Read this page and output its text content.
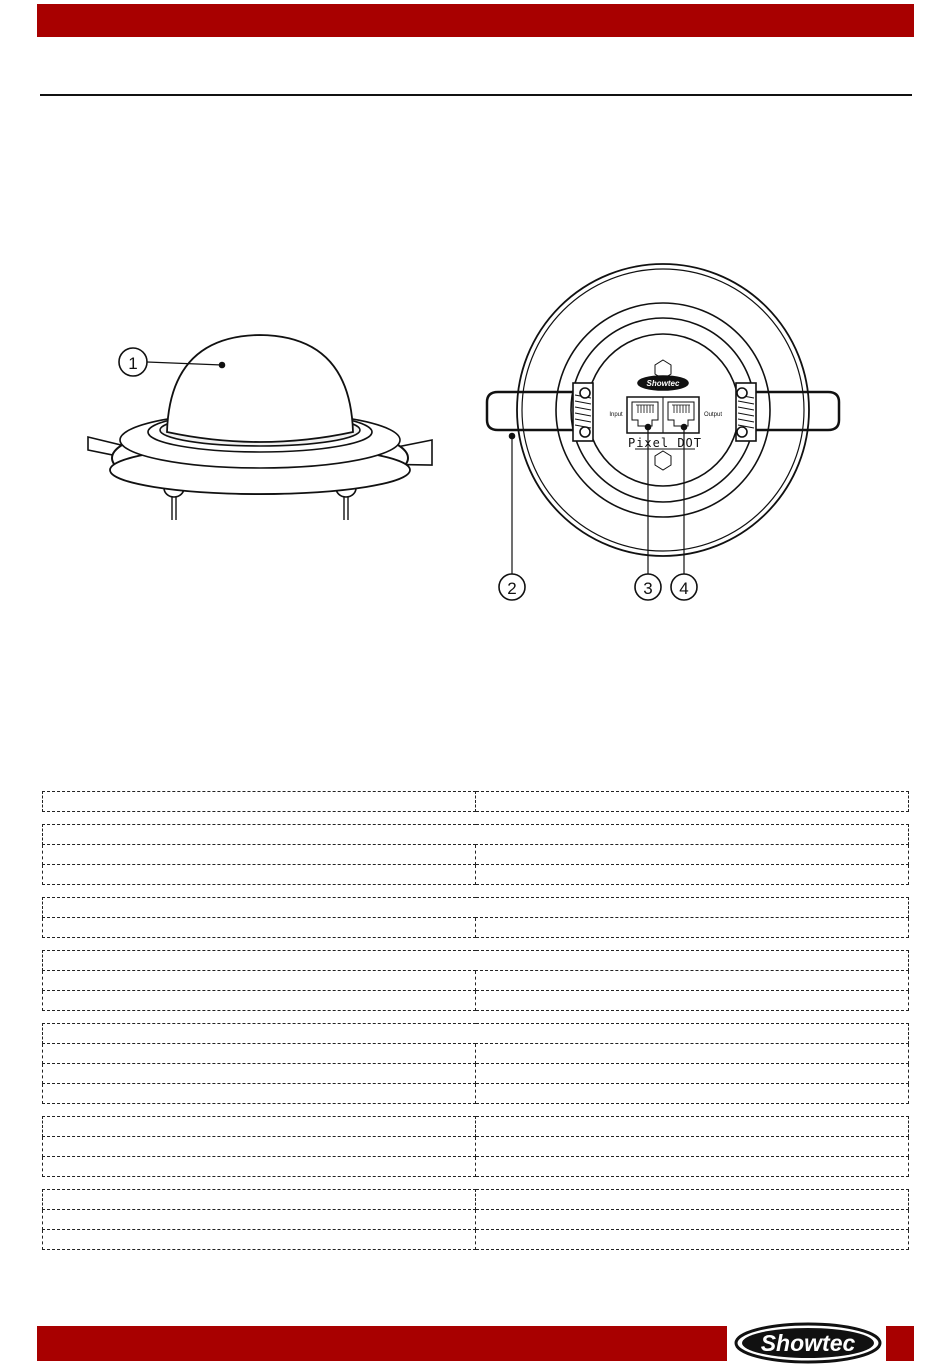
1
Showtec
Input	Output
Pixel DOT
2	3 4

Showtec
